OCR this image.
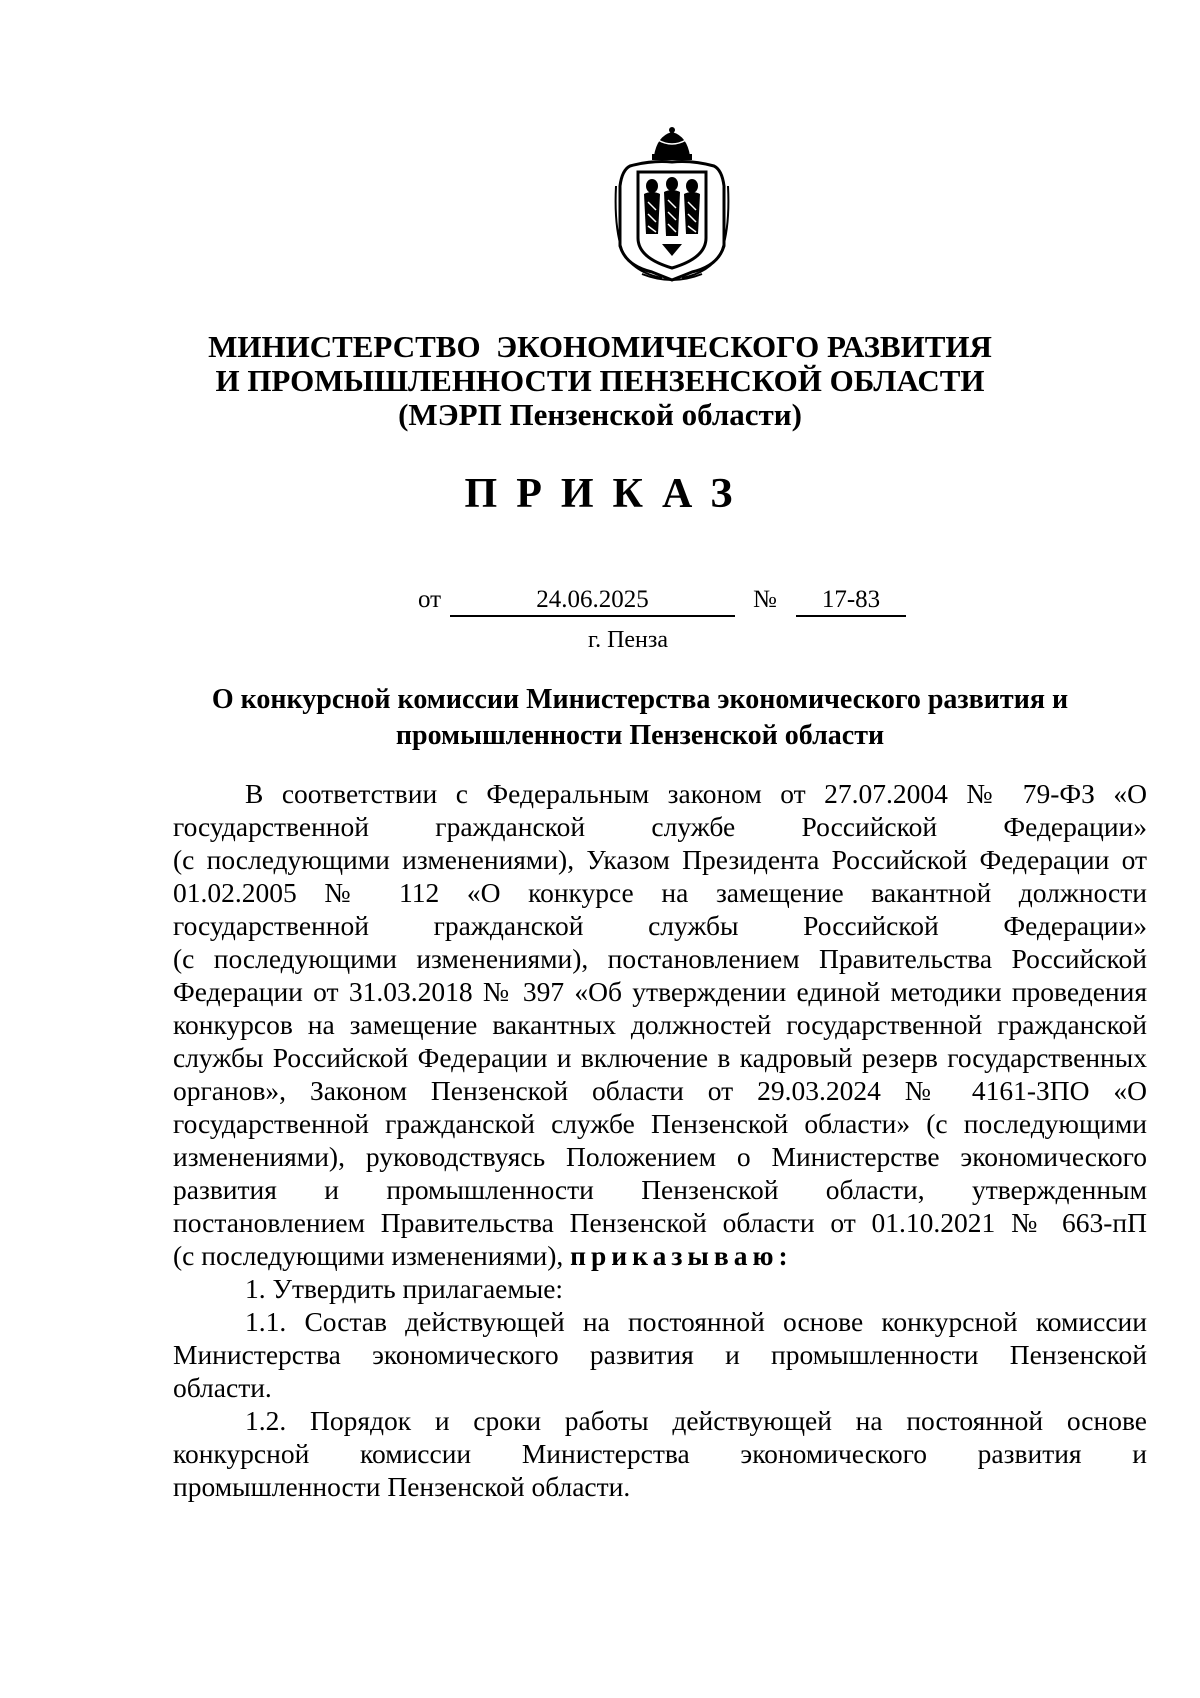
МИНИСТЕРСТВО  ЭКОНОМИЧЕСКОГО РАЗВИТИЯ
И ПРОМЫШЛЕННОСТИ ПЕНЗЕНСКОЙ ОБЛАСТИ
(МЭРП Пензенской области)
ПРИКАЗ
от	24.06.2025	№	17-83
г. Пенза
О конкурсной комиссии Министерства экономического развития и
промышленности Пензенской области
В соответствии с Федеральным законом от 27.07.2004 № 79-ФЗ «О
государственной гражданской службе Российской Федерации»
(с последующими изменениями), Указом Президента Российской Федерации от
01.02.2005 № 112 «О конкурсе на замещение вакантной должности
государственной гражданской службы Российской Федерации»
(с последующими изменениями), постановлением Правительства Российской
Федерации от 31.03.2018 № 397 «Об утверждении единой методики проведения
конкурсов на замещение вакантных должностей государственной гражданской
службы Российской Федерации и включение в кадровый резерв государственных
органов», Законом Пензенской области от 29.03.2024 № 4161-ЗПО «О
государственной гражданской службе Пензенской области» (с последующими
изменениями), руководствуясь Положением о Министерстве экономического
развития и промышленности Пензенской области, утвержденным
постановлением Правительства Пензенской области от 01.10.2021 № 663-пП
(с последующими изменениями), приказываю:
1. Утвердить прилагаемые:
1.1. Состав действующей на постоянной основе конкурсной комиссии
Министерства экономического развития и промышленности Пензенской
области.
1.2. Порядок и сроки работы действующей на постоянной основе
конкурсной комиссии Министерства экономического развития и
промышленности Пензенской области.
